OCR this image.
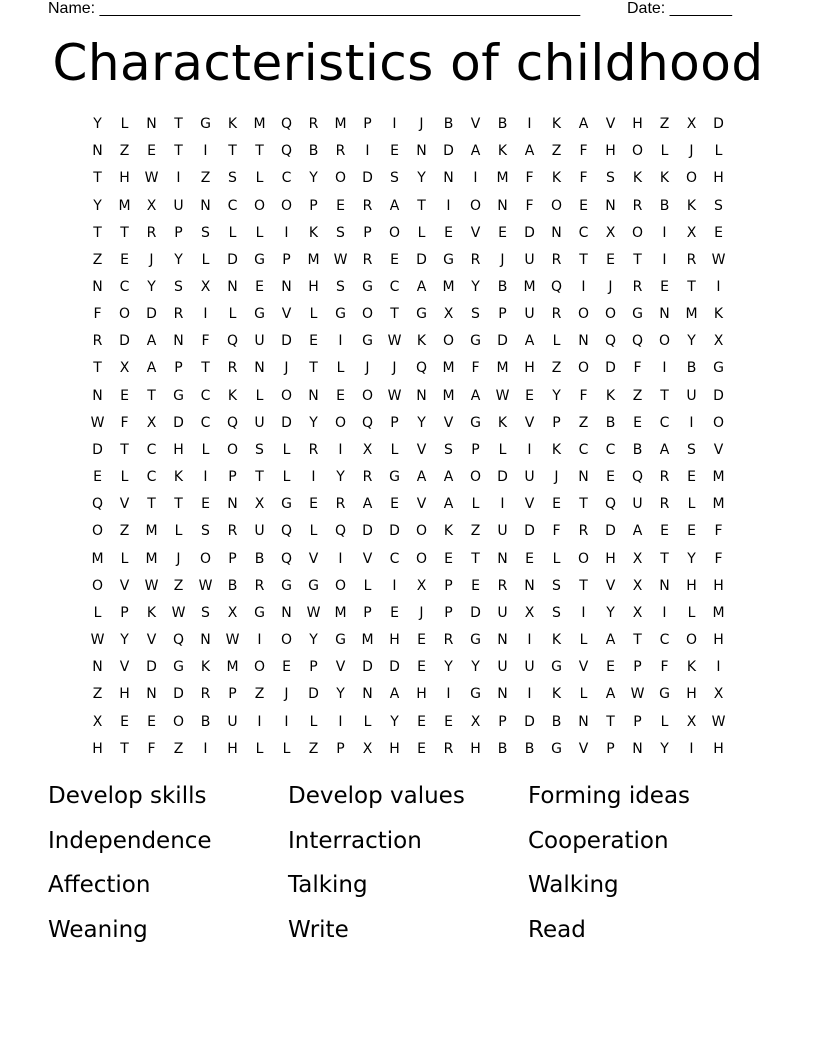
Name: ______________________________________________________	Date: _______
Characteristics of childhood
Y	L	N	T	G	K	M	Q	R	M	P	I	J	B	V	B	I	K	A	V	H	Z	X	D
N	Z	E	T	I	T	T	Q	B	R	I	E	N	D	A	K	A	Z	F	H	O	L	J	L
T	H	W	I	Z	S	L	C	Y	O	D	S	Y	N	I	M	F	K	F	S	K	K	O	H
Y	M	X	U	N	C	O	O	P	E	R	A	T	I	O	N	F	O	E	N	R	B	K	S
T	T	R	P	S	L	L	I	K	S	P	O	L	E	V	E	D	N	C	X	O	I	X	E
Z	E	J	Y	L	D	G	P	M	W	R	E	D	G	R	J	U	R	T	E	T	I	R	W
N	C	Y	S	X	N	E	N	H	S	G	C	A	M	Y	B	M	Q	I	J	R	E	T	I
F	O	D	R	I	L	G	V	L	G	O	T	G	X	S	P	U	R	O	O	G	N	M	K
R	D	A	N	F	Q	U	D	E	I	G	W	K	O	G	D	A	L	N	Q	Q	O	Y	X
T	X	A	P	T	R	N	J	T	L	J	J	Q	M	F	M	H	Z	O	D	F	I	B	G
N	E	T	G	C	K	L	O	N	E	O	W	N	M	A	W	E	Y	F	K	Z	T	U	D
W	F	X	D	C	Q	U	D	Y	O	Q	P	Y	V	G	K	V	P	Z	B	E	C	I	O
D	T	C	H	L	O	S	L	R	I	X	L	V	S	P	L	I	K	C	C	B	A	S	V
E	L	C	K	I	P	T	L	I	Y	R	G	A	A	O	D	U	J	N	E	Q	R	E	M
Q	V	T	T	E	N	X	G	E	R	A	E	V	A	L	I	V	E	T	Q	U	R	L	M
O	Z	M	L	S	R	U	Q	L	Q	D	D	O	K	Z	U	D	F	R	D	A	E	E	F
M	L	M	J	O	P	B	Q	V	I	V	C	O	E	T	N	E	L	O	H	X	T	Y	F
O	V	W	Z	W	B	R	G	G	O	L	I	X	P	E	R	N	S	T	V	X	N	H	H
L	P	K	W	S	X	G	N	W	M	P	E	J	P	D	U	X	S	I	Y	X	I	L	M
W	Y	V	Q	N	W	I	O	Y	G	M	H	E	R	G	N	I	K	L	A	T	C	O	H
N	V	D	G	K	M	O	E	P	V	D	D	E	Y	Y	U	U	G	V	E	P	F	K	I
Z	H	N	D	R	P	Z	J	D	Y	N	A	H	I	G	N	I	K	L	A	W	G	H	X
X	E	E	O	B	U	I	I	L	I	L	Y	E	E	X	P	D	B	N	T	P	L	X	W
H	T	F	Z	I	H	L	L	Z	P	X	H	E	R	H	B	B	G	V	P	N	Y	I	H
Develop skills	Develop values	Forming ideas
Independence	Interraction	Cooperation
Affection	Talking	Walking
Weaning	Write	Read
